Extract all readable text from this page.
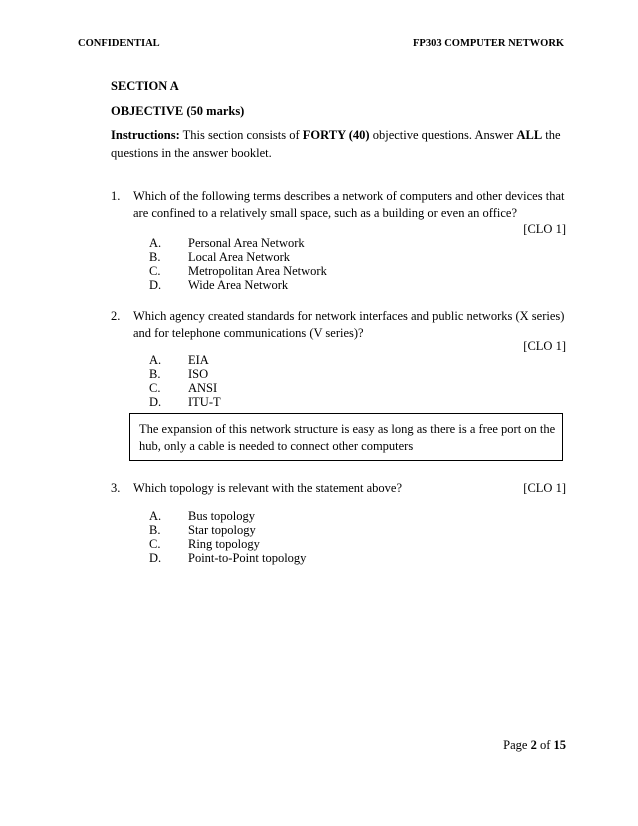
CONFIDENTIAL	FP303 COMPUTER NETWORK
SECTION A
OBJECTIVE (50 marks)
Instructions: This section consists of FORTY (40) objective questions. Answer ALL the
questions in the answer booklet.
1. Which of the following terms describes a network of computers and other devices that
are confined to a relatively small space, such as a building or even an office?
[CLO 1]
A. Personal Area Network
B. Local Area Network
C. Metropolitan Area Network
D. Wide Area Network
2. Which agency created standards for network interfaces and public networks (X series)
and for telephone communications (V series)?
[CLO 1]
A. EIA
B. ISO
C. ANSI
D. ITU-T
The expansion of this network structure is easy as long as there is a free port on the
hub, only a cable is needed to connect other computers
3. Which topology is relevant with the statement above?	[CLO 1]
A. Bus topology
B. Star topology
C. Ring topology
D. Point-to-Point topology
Page 2 of 15
